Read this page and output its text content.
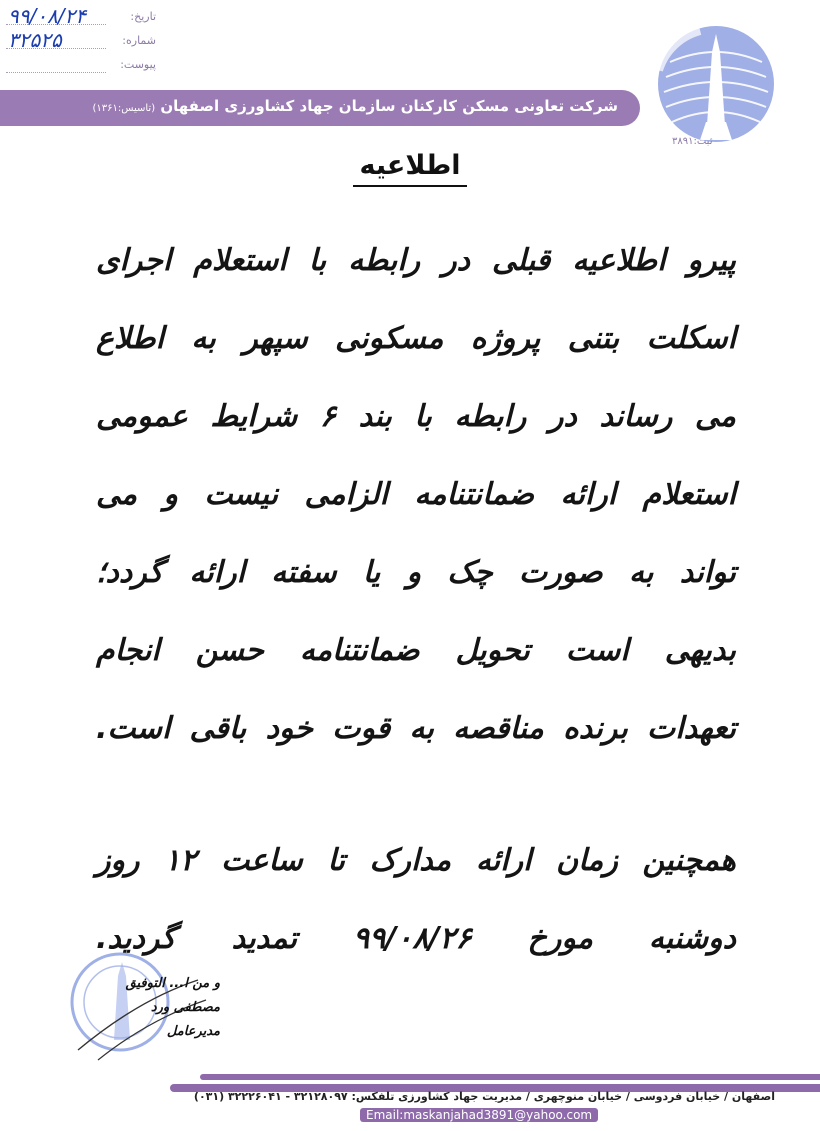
تاریخ:
۹۹/۰۸/۲۴
شماره:
۳۲۵۲۵
پیوست:
شرکت تعاونی مسکن کارکنان سازمان جهاد کشاورزی اصفهان (تاسیس:۱۳۶۱)
ثبت:۳۸۹۱
اطلاعیه
پیرو اطلاعیه قبلی در رابطه با استعلام اجرای
اسکلت بتنی پروژه مسکونی سپهر به اطلاع
می رساند در رابطه با بند ۶ شرایط عمومی
استعلام ارائه ضمانتنامه الزامی نیست و می
تواند به صورت چک و یا سفته ارائه گردد؛
بدیهی است تحویل ضمانتنامه حسن انجام
تعهدات برنده مناقصه به قوت خود باقی است.
همچنین زمان ارائه مدارک تا ساعت ۱۲ روز
دوشنبه مورخ ۹۹/۰۸/۲۶ تمدید گردید.
و من ا... التوفیق
مصطفی ورد
مدیرعامل
اصفهان / خیابان فردوسی / خیابان منوچهری / مدیریت جهاد کشاورزی تلفکس: ۳۲۱۲۸۰۹۷ - ۳۲۲۲۶۰۴۱ (۰۳۱)
Email:maskanjahad3891@yahoo.com
